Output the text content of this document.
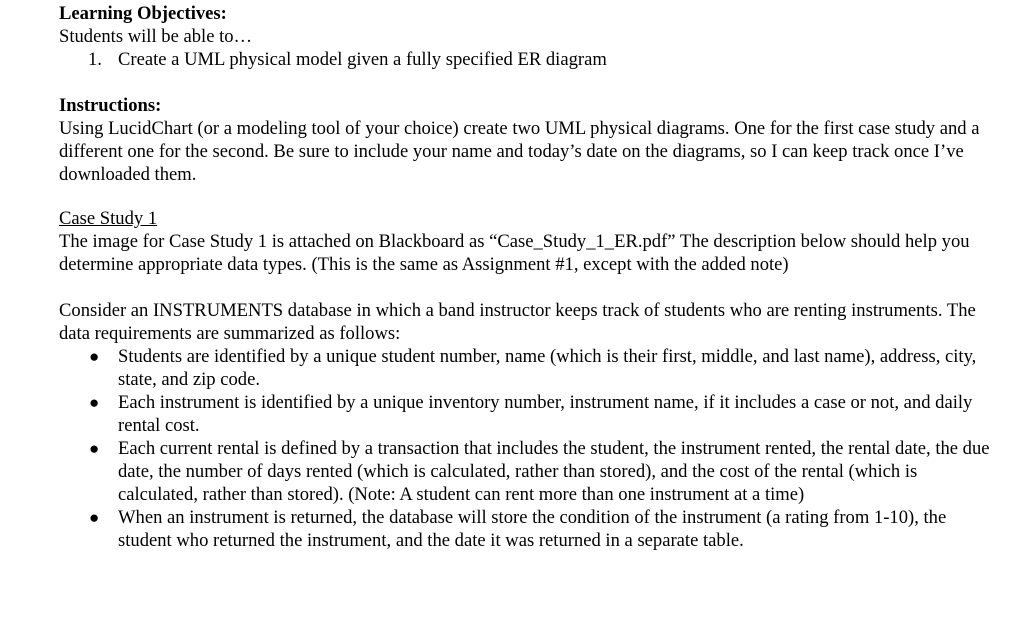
Learning Objectives:

Students will be able to…

1. Create a UML physical model given a fully specified ER diagram

Instructions:

Using LucidChart (or a modeling tool of your choice) create two UML physical diagrams. One for the first case study and a different one for the second. Be sure to include your name and today’s date on the diagrams, so I can keep track once I’ve downloaded them.

Case Study 1

The image for Case Study 1 is attached on Blackboard as “Case_Study_1_ER.pdf” The description below should help you determine appropriate data types. (This is the same as Assignment #1, except with the added note)

Consider an INSTRUMENTS database in which a band instructor keeps track of students who are renting instruments. The data requirements are summarized as follows:

● Students are identified by a unique student number, name (which is their first, middle, and last name), address, city, state, and zip code.
● Each instrument is identified by a unique inventory number, instrument name, if it includes a case or not, and daily rental cost.
● Each current rental is defined by a transaction that includes the student, the instrument rented, the rental date, the due date, the number of days rented (which is calculated, rather than stored), and the cost of the rental (which is calculated, rather than stored). (Note: A student can rent more than one instrument at a time)
● When an instrument is returned, the database will store the condition of the instrument (a rating from 1-10), the student who returned the instrument, and the date it was returned in a separate table.
